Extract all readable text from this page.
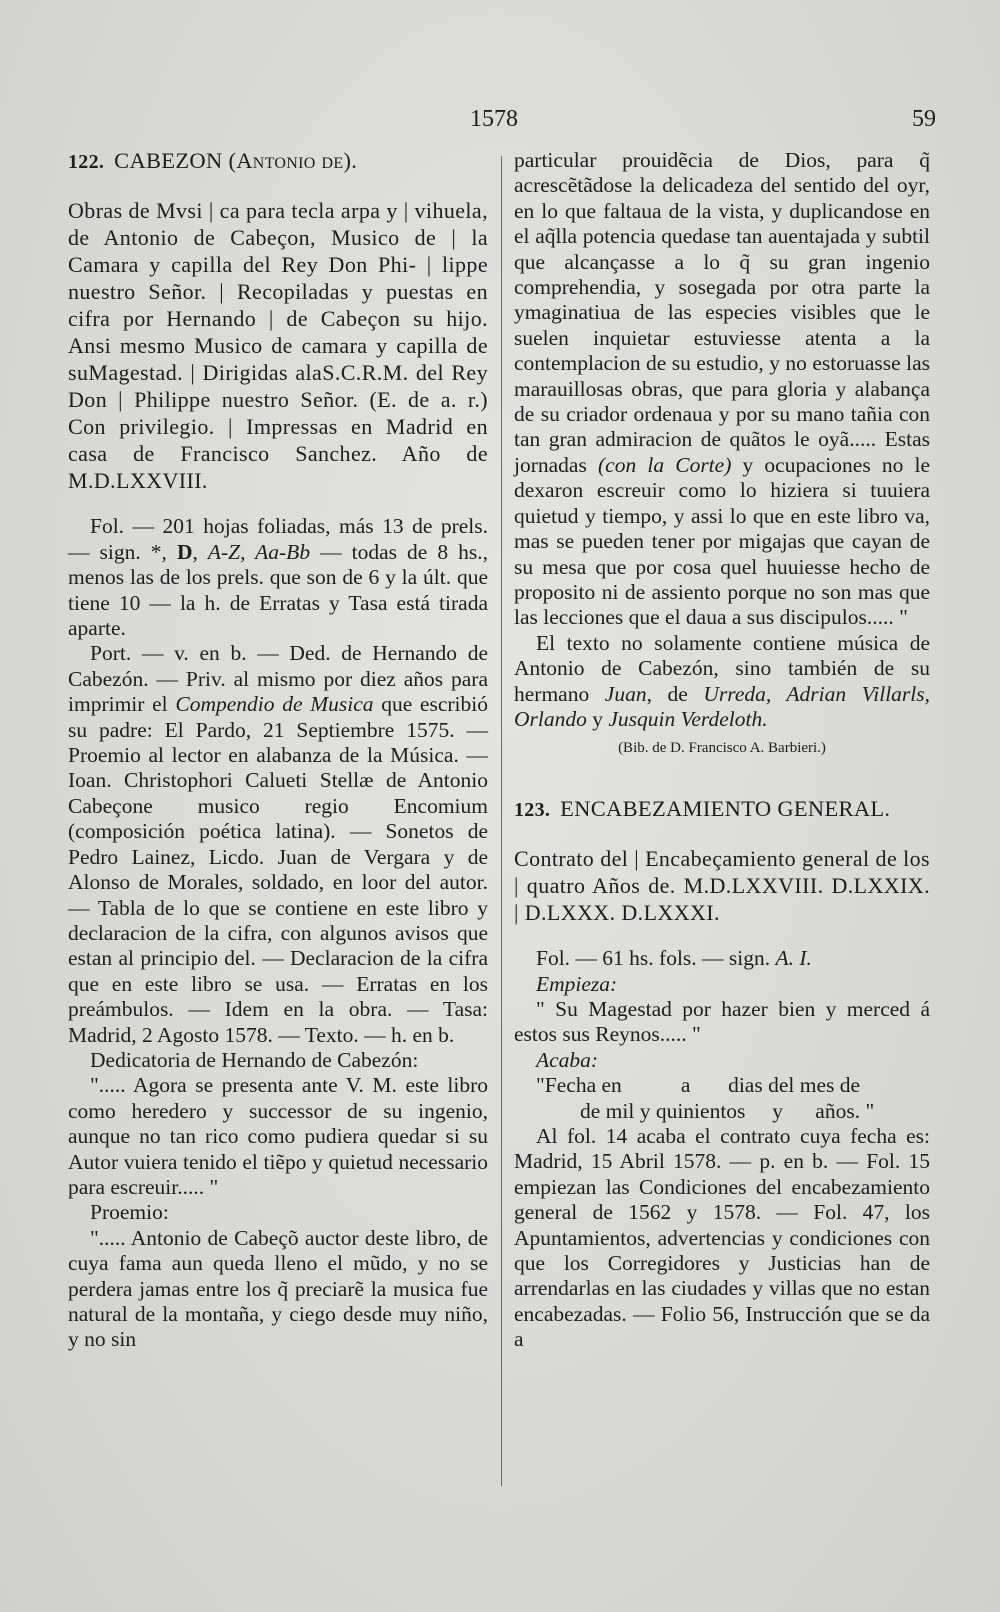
1578	59

122. CABEZON (Antonio de).

Obras de Mvsi | ca para tecla arpa y | vihuela, de Antonio de Cabeçon, Musico de | la Camara y capilla del Rey Don Phi- | lippe nuestro Señor. | Recopiladas y puestas en cifra por Hernando | de Cabeçon su hijo. Ansi mesmo Musico de camara y capilla de suMagestad. | Dirigidas alaS.C.R.M. del Rey Don | Philippe nuestro Señor. (E. de a. r.) Con privilegio. | Impressas en Madrid en casa de Francisco Sanchez. Año de M.D.LXXVIII.

Fol. — 201 hojas foliadas, más 13 de prels. — sign. *, D, A-Z, Aa-Bb — todas de 8 hs., menos las de los prels. que son de 6 y la últ. que tiene 10 — la h. de Erratas y Tasa está tirada aparte.

Port. — v. en b. — Ded. de Hernando de Cabezón. — Priv. al mismo por diez años para imprimir el Compendio de Musica que escribió su padre: El Pardo, 21 Septiembre 1575. — Proemio al lector en alabanza de la Música. — Ioan. Christophori Calueti Stellæ de Antonio Cabeçone musico regio Encomium (composición poética latina). — Sonetos de Pedro Lainez, Licdo. Juan de Vergara y de Alonso de Morales, soldado, en loor del autor. — Tabla de lo que se contiene en este libro y declaracion de la cifra, con algunos avisos que estan al principio del. — Declaracion de la cifra que en este libro se usa. — Erratas en los preámbulos. — Idem en la obra. — Tasa: Madrid, 2 Agosto 1578. — Texto. — h. en b.

Dedicatoria de Hernando de Cabezón:

"..... Agora se presenta ante V. M. este libro como heredero y successor de su ingenio, aunque no tan rico como pudiera quedar si su Autor vuiera tenido el tiẽpo y quietud necessario para escreuir..... "

Proemio:

"..... Antonio de Cabeçõ auctor deste libro, de cuya fama aun queda lleno el mũdo, y no se perdera jamas entre los q̃ preciarẽ la musica fue natural de la montaña, y ciego desde muy niño, y no sin

particular prouidẽcia de Dios, para q̃ acrescẽtãdose la delicadeza del sentido del oyr, en lo que faltaua de la vista, y duplicandose en el aq̃lla potencia quedase tan auentajada y subtil que alcançasse a lo q̃ su gran ingenio comprehendia, y sosegada por otra parte la ymaginatiua de las especies visibles que le suelen inquietar estuviesse atenta a la contemplacion de su estudio, y no estoruasse las marauillosas obras, que para gloria y alabança de su criador ordenaua y por su mano tañia con tan gran admiracion de quãtos le oyã..... Estas jornadas (con la Corte) y ocupaciones no le dexaron escreuir como lo hiziera si tuuiera quietud y tiempo, y assi lo que en este libro va, mas se pueden tener por migajas que cayan de su mesa que por cosa quel huuiesse hecho de proposito ni de assiento porque no son mas que las lecciones que el daua a sus discipulos..... "

El texto no solamente contiene música de Antonio de Cabezón, sino también de su hermano Juan, de Urreda, Adrian Villarls, Orlando y Jusquin Verdeloth.

(Bib. de D. Francisco A. Barbieri.)

123. ENCABEZAMIENTO GENERAL.

Contrato del | Encabeçamiento general de los | quatro Años de. M.D.LXXVIII. D.LXXIX. | D.LXXX. D.LXXXI.

Fol. — 61 hs. fols. — sign. A. I.

Empieza:

" Su Magestad por hazer bien y merced á estos sus Reynos..... "

Acaba:

"Fecha en           a       dias del mes de

de mil y quinientos     y      años. "

Al fol. 14 acaba el contrato cuya fecha es: Madrid, 15 Abril 1578. — p. en b. — Fol. 15 empiezan las Condiciones del encabezamiento general de 1562 y 1578. — Fol. 47, los Apuntamientos, advertencias y condiciones con que los Corregidores y Justicias han de arrendarlas en las ciudades y villas que no estan encabezadas. — Folio 56, Instrucción que se da a
